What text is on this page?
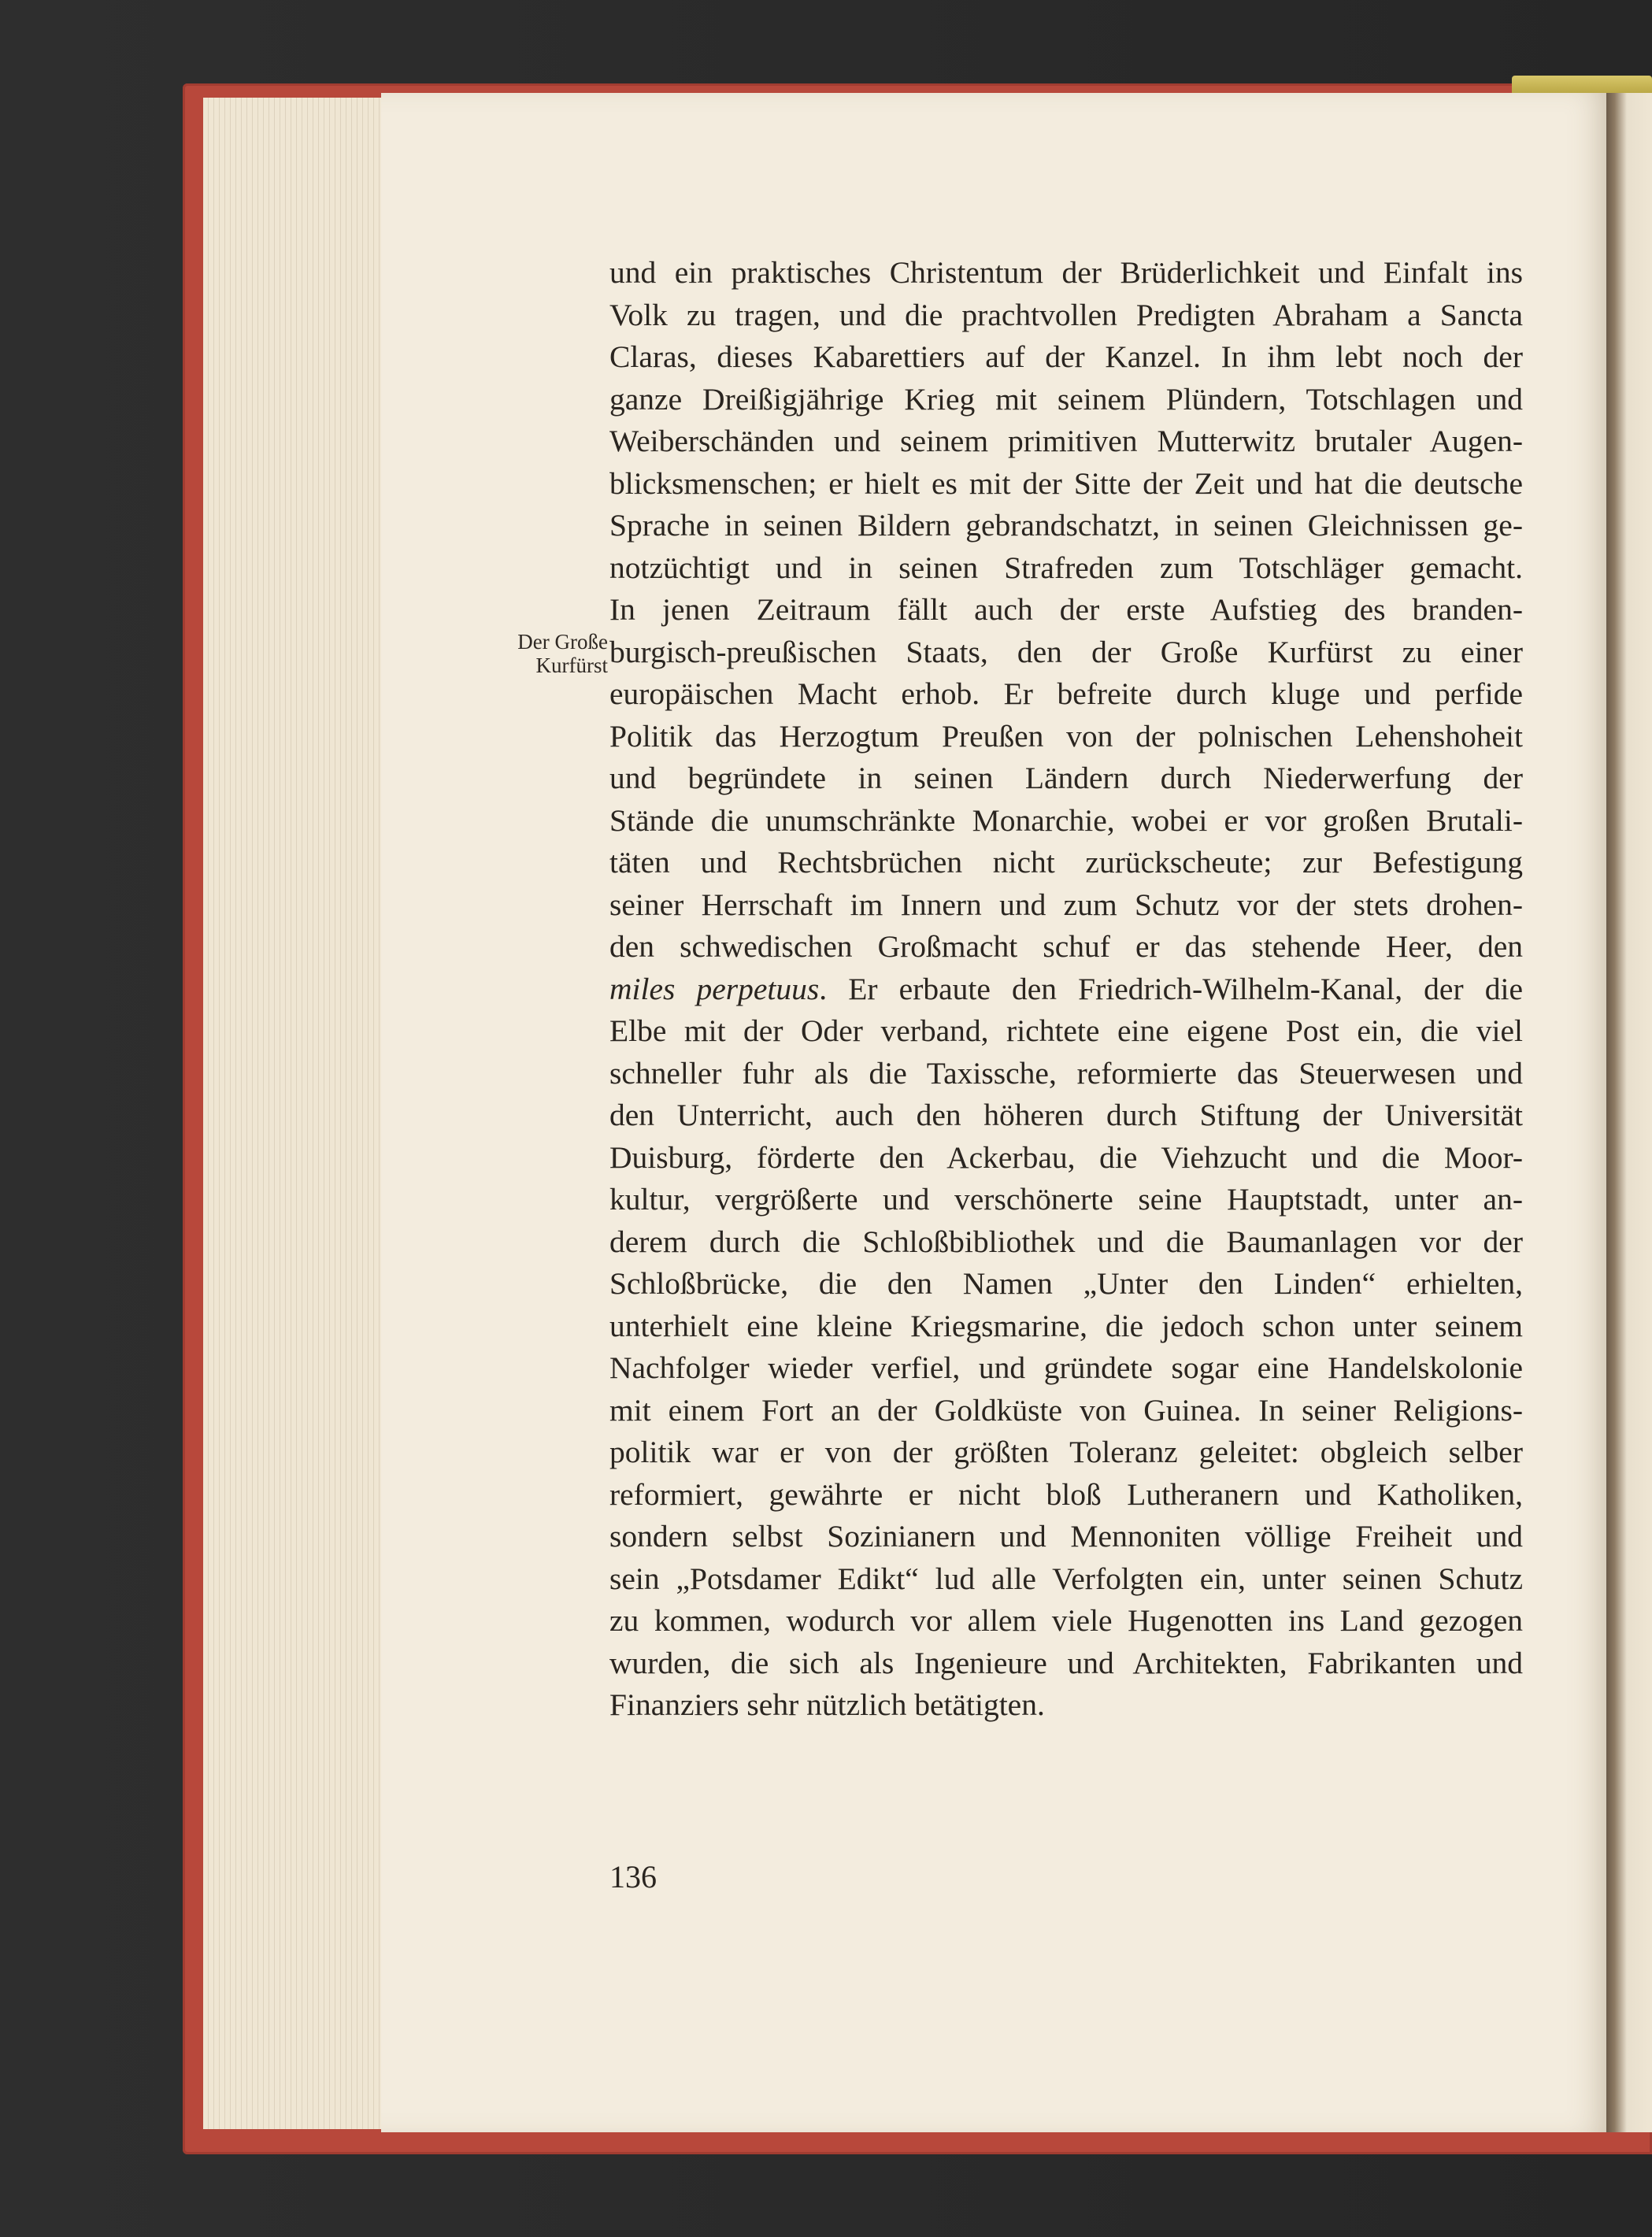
Der Große
Kurfürst
und ein praktisches Christentum der Brüderlichkeit und Einfalt ins
Volk zu tragen, und die prachtvollen Predigten Abraham a Sancta
Claras, dieses Kabarettiers auf der Kanzel. In ihm lebt noch der
ganze Dreißigjährige Krieg mit seinem Plündern, Totschlagen und
Weiberschänden und seinem primitiven Mutterwitz brutaler Augen-
blicksmenschen; er hielt es mit der Sitte der Zeit und hat die deutsche
Sprache in seinen Bildern gebrandschatzt, in seinen Gleichnissen ge-
notzüchtigt und in seinen Strafreden zum Totschläger gemacht.
In jenen Zeitraum fällt auch der erste Aufstieg des branden-
burgisch-preußischen Staats, den der Große Kurfürst zu einer
europäischen Macht erhob. Er befreite durch kluge und perfide
Politik das Herzogtum Preußen von der polnischen Lehenshoheit
und begründete in seinen Ländern durch Niederwerfung der
Stände die unumschränkte Monarchie, wobei er vor großen Brutali-
täten und Rechtsbrüchen nicht zurückscheute; zur Befestigung
seiner Herrschaft im Innern und zum Schutz vor der stets drohen-
den schwedischen Großmacht schuf er das stehende Heer, den
miles perpetuus. Er erbaute den Friedrich-Wilhelm-Kanal, der die
Elbe mit der Oder verband, richtete eine eigene Post ein, die viel
schneller fuhr als die Taxissche, reformierte das Steuerwesen und
den Unterricht, auch den höheren durch Stiftung der Universität
Duisburg, förderte den Ackerbau, die Viehzucht und die Moor-
kultur, vergrößerte und verschönerte seine Hauptstadt, unter an-
derem durch die Schloßbibliothek und die Baumanlagen vor der
Schloßbrücke, die den Namen „Unter den Linden“ erhielten,
unterhielt eine kleine Kriegsmarine, die jedoch schon unter seinem
Nachfolger wieder verfiel, und gründete sogar eine Handelskolonie
mit einem Fort an der Goldküste von Guinea. In seiner Religions-
politik war er von der größten Toleranz geleitet: obgleich selber
reformiert, gewährte er nicht bloß Lutheranern und Katholiken,
sondern selbst Sozinianern und Mennoniten völlige Freiheit und
sein „Potsdamer Edikt“ lud alle Verfolgten ein, unter seinen Schutz
zu kommen, wodurch vor allem viele Hugenotten ins Land gezogen
wurden, die sich als Ingenieure und Architekten, Fabrikanten und
Finanziers sehr nützlich betätigten.
136
